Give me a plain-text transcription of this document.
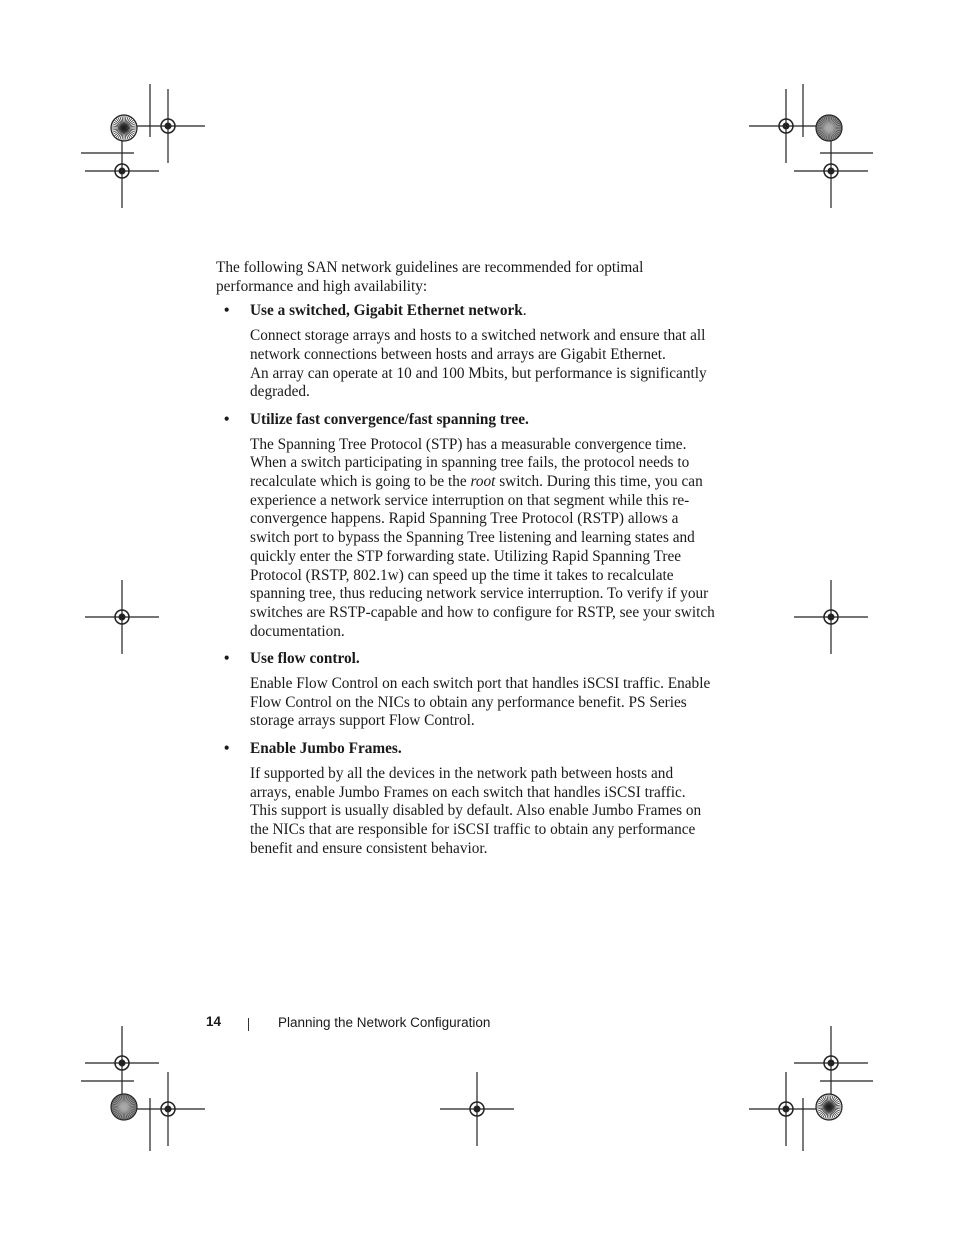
The following SAN network guidelines are recommended for optimal performance and high availability:

• Use a switched, Gigabit Ethernet network.
Connect storage arrays and hosts to a switched network and ensure that all network connections between hosts and arrays are Gigabit Ethernet.
An array can operate at 10 and 100 Mbits, but performance is significantly degraded.
• Utilize fast convergence/fast spanning tree.
The Spanning Tree Protocol (STP) has a measurable convergence time. When a switch participating in spanning tree fails, the protocol needs to recalculate which is going to be the root switch. During this time, you can experience a network service interruption on that segment while this re-convergence happens. Rapid Spanning Tree Protocol (RSTP) allows a switch port to bypass the Spanning Tree listening and learning states and quickly enter the STP forwarding state. Utilizing Rapid Spanning Tree Protocol (RSTP, 802.1w) can speed up the time it takes to recalculate spanning tree, thus reducing network service interruption. To verify if your switches are RSTP-capable and how to configure for RSTP, see your switch documentation.
• Use flow control.
Enable Flow Control on each switch port that handles iSCSI traffic. Enable Flow Control on the NICs to obtain any performance benefit. PS Series storage arrays support Flow Control.
• Enable Jumbo Frames.
If supported by all the devices in the network path between hosts and arrays, enable Jumbo Frames on each switch that handles iSCSI traffic. This support is usually disabled by default. Also enable Jumbo Frames on the NICs that are responsible for iSCSI traffic to obtain any performance benefit and ensure consistent behavior.
14	Planning the Network Configuration
